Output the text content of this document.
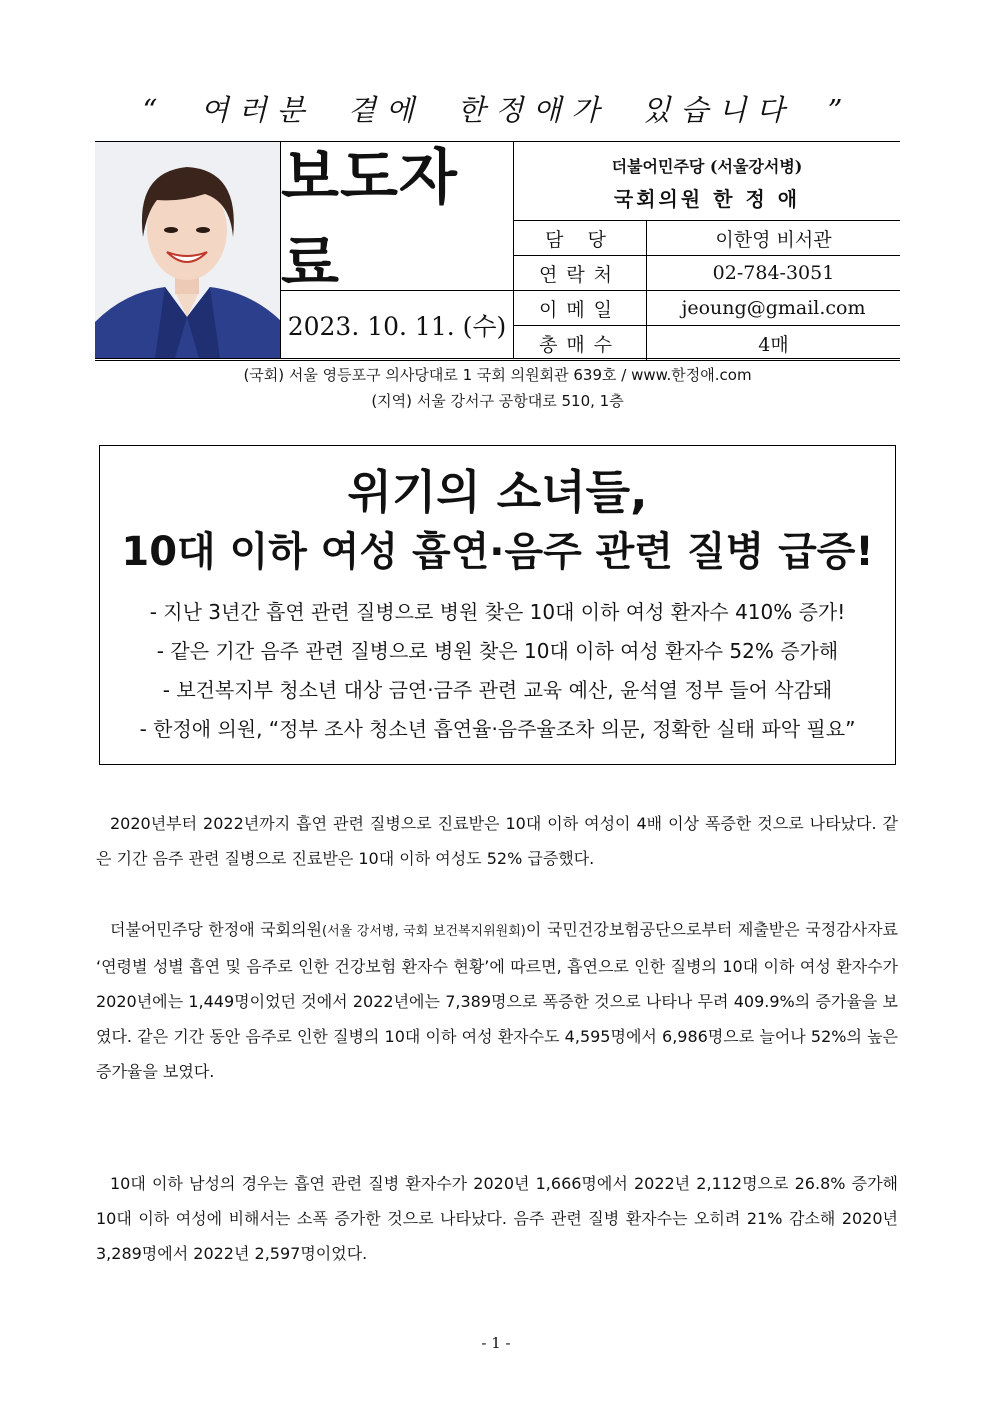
“ 여러분 곁에 한정애가 있습니다 ”
보도자료
2023. 10. 11. (수)
더불어민주당 (서울강서병)
국회의원 한 정 애
담 당	이한영 비서관
연락처	02-784-3051
이메일	jeoung@gmail.com
총매수	4매
(국회) 서울 영등포구 의사당대로 1 국회 의원회관 639호 / www.한정애.com
(지역) 서울 강서구 공항대로 510, 1층
위기의 소녀들,
10대 이하 여성 흡연·음주 관련 질병 급증!
- 지난 3년간 흡연 관련 질병으로 병원 찾은 10대 이하 여성 환자수 410% 증가!
- 같은 기간 음주 관련 질병으로 병원 찾은 10대 이하 여성 환자수 52% 증가해
- 보건복지부 청소년 대상 금연·금주 관련 교육 예산, 윤석열 정부 들어 삭감돼
- 한정애 의원, “정부 조사 청소년 흡연율·음주율조차 의문, 정확한 실태 파악 필요”
2020년부터 2022년까지 흡연 관련 질병으로 진료받은 10대 이하 여성이 4배 이상 폭증한 것으로 나타났다. 같은 기간 음주 관련 질병으로 진료받은 10대 이하 여성도 52% 급증했다.
더불어민주당 한정애 국회의원(서울 강서병, 국회 보건복지위원회)이 국민건강보험공단으로부터 제출받은 국정감사자료 ‘연령별 성별 흡연 및 음주로 인한 건강보험 환자수 현황’에 따르면, 흡연으로 인한 질병의 10대 이하 여성 환자수가 2020년에는 1,449명이었던 것에서 2022년에는 7,389명으로 폭증한 것으로 나타나 무려 409.9%의 증가율을 보였다. 같은 기간 동안 음주로 인한 질병의 10대 이하 여성 환자수도 4,595명에서 6,986명으로 늘어나 52%의 높은 증가율을 보였다.
10대 이하 남성의 경우는 흡연 관련 질병 환자수가 2020년 1,666명에서 2022년 2,112명으로 26.8% 증가해 10대 이하 여성에 비해서는 소폭 증가한 것으로 나타났다. 음주 관련 질병 환자수는 오히려 21% 감소해 2020년 3,289명에서 2022년 2,597명이었다.
- 1 -
